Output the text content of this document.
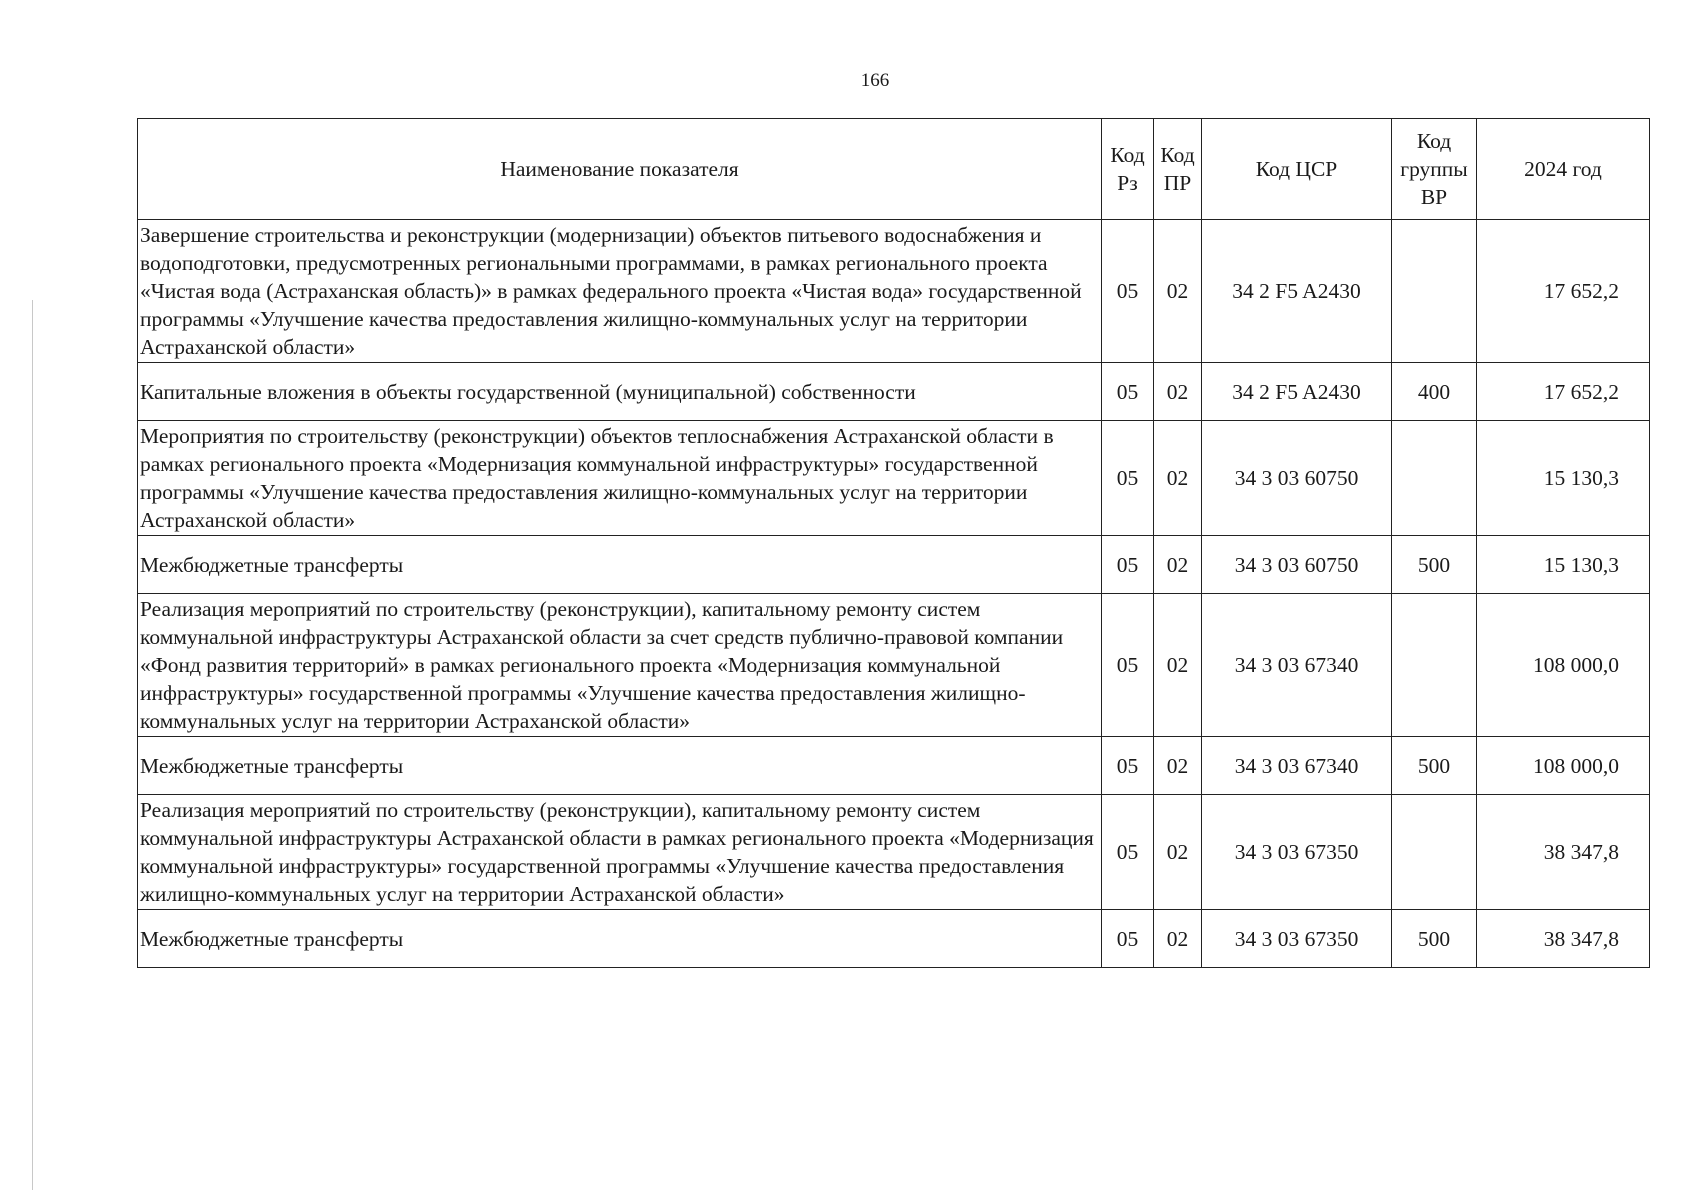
166
Наименование показателя	Код Рз	Код ПР	Код ЦСР	Код группы ВР	2024 год
Завершение строительства и реконструкции (модернизации) объектов питьевого водоснабжения и водоподготовки, предусмотренных региональными программами, в рамках регионального проекта «Чистая вода (Астраханская область)» в рамках федерального проекта «Чистая вода» государственной программы «Улучшение качества предоставления жилищно-коммунальных услуг на территории Астраханской области»	05	02	34 2 F5 A2430		17 652,2
Капитальные вложения в объекты государственной (муниципальной) собственности	05	02	34 2 F5 A2430	400	17 652,2
Мероприятия по строительству (реконструкции) объектов теплоснабжения Астраханской области в рамках регионального проекта «Модернизация коммунальной инфраструктуры» государственной программы «Улучшение качества предоставления жилищно-коммунальных услуг на территории Астраханской области»	05	02	34 3 03 60750		15 130,3
Межбюджетные трансферты	05	02	34 3 03 60750	500	15 130,3
Реализация мероприятий по строительству (реконструкции), капитальному ремонту систем коммунальной инфраструктуры Астраханской области за счет средств публично-правовой компании «Фонд развития территорий» в рамках регионального проекта «Модернизация коммунальной инфраструктуры» государственной программы «Улучшение качества предоставления жилищно-коммунальных услуг на территории Астраханской области»	05	02	34 3 03 67340		108 000,0
Межбюджетные трансферты	05	02	34 3 03 67340	500	108 000,0
Реализация мероприятий по строительству (реконструкции), капитальному ремонту систем коммунальной инфраструктуры Астраханской области в рамках регионального проекта «Модернизация коммунальной инфраструктуры» государственной программы «Улучшение качества предоставления жилищно-коммунальных услуг на территории Астраханской области»	05	02	34 3 03 67350		38 347,8
Межбюджетные трансферты	05	02	34 3 03 67350	500	38 347,8
